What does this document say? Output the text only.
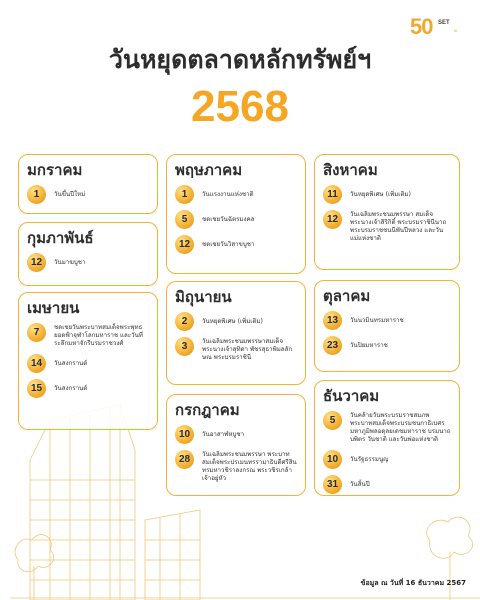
50 SET
th
วันหยุดตลาดหลักทรัพย์ฯ
2568
มกราคม
1	วันขึ้นปีใหม่
กุมภาพันธ์
12	วันมาฆบูชา
เมษายน
7	ชดเชยวันพระบาทสมเด็จพระพุทธยอดฟ้าจุฬาโลกมหาราช และวันที่ระลึกมหาจักรีบรมราชวงศ์
14	วันสงกรานต์
15	วันสงกรานต์
พฤษภาคม
1	วันแรงงานแห่งชาติ
5	ชดเชยวันฉัตรมงคล
12	ชดเชยวันวิสาขบูชา
มิถุนายน
2	วันหยุดพิเศษ (เพิ่มเติม)
3	วันเฉลิมพระชนมพรรษาสมเด็จพระนางเจ้าสุทิดา พัชรสุธาพิมลลักษณ พระบรมราชินี
กรกฎาคม
10	วันอาสาฬหบูชา
28	วันเฉลิมพระชนมพรรษา พระบาทสมเด็จพระปรเมนทรรามาธิบดีศรีสินทรมหาวชิราลงกรณ พระวชิรเกล้าเจ้าอยู่หัว
สิงหาคม
11	วันหยุดพิเศษ (เพิ่มเติม)
12	วันเฉลิมพระชนมพรรษา สมเด็จพระนางเจ้าสิริกิติ์ พระบรมราชินีนาถ พระบรมราชชนนีพันปีหลวง และวันแม่แห่งชาติ
ตุลาคม
13	วันนวมินทรมหาราช
23	วันปิยมหาราช
ธันวาคม
5	วันคล้ายวันพระบรมราชสมภพพระบาทสมเด็จพระบรมชนกาธิเบศร มหาภูมิพลอดุลยเดชมหาราช บรมนาถบพิตร วันชาติ และวันพ่อแห่งชาติ
10	วันรัฐธรรมนูญ
31	วันสิ้นปี
ข้อมูล ณ วันที่ 16 ธันวาคม 2567
